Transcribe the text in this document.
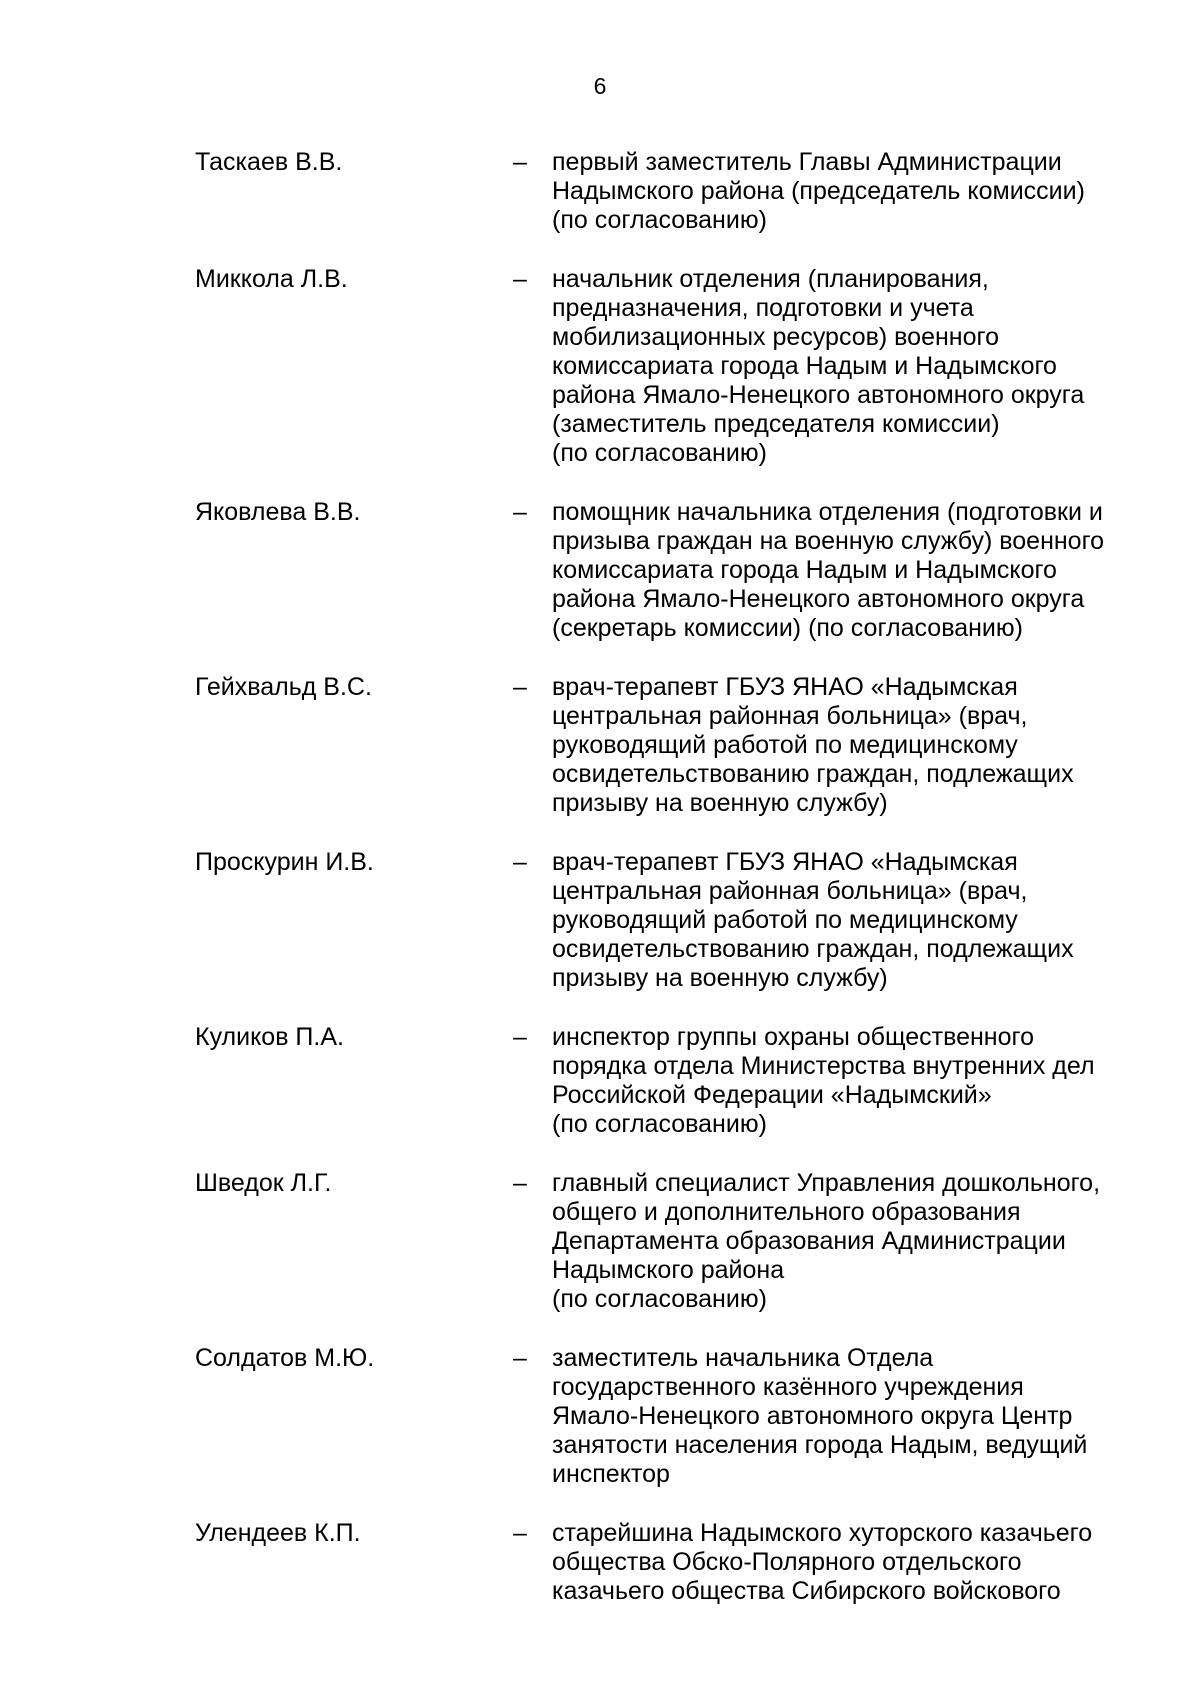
6
Таскаев В.В.	– первый заместитель Главы Администрации
Надымского района (председатель комиссии)
(по согласованию)
Миккола Л.В.	– начальник отделения (планирования,
предназначения, подготовки и учета
мобилизационных ресурсов) военного
комиссариата города Надым и Надымского
района Ямало-Ненецкого автономного округа
(заместитель председателя комиссии)
(по согласованию)
Яковлева В.В.	– помощник начальника отделения (подготовки и
призыва граждан на военную службу) военного
комиссариата города Надым и Надымского
района Ямало-Ненецкого автономного округа
(секретарь комиссии) (по согласованию)
Гейхвальд В.С.	– врач-терапевт ГБУЗ ЯНАО «Надымская
центральная районная больница» (врач,
руководящий работой по медицинскому
освидетельствованию граждан, подлежащих
призыву на военную службу)
Проскурин И.В.	– врач-терапевт ГБУЗ ЯНАО «Надымская
центральная районная больница» (врач,
руководящий работой по медицинскому
освидетельствованию граждан, подлежащих
призыву на военную службу)
Куликов П.А.	– инспектор группы охраны общественного
порядка отдела Министерства внутренних дел
Российской Федерации «Надымский»
(по согласованию)
Шведок Л.Г.	– главный специалист Управления дошкольного,
общего и дополнительного образования
Департамента образования Администрации
Надымского района
(по согласованию)
Солдатов М.Ю.	– заместитель начальника Отдела
государственного казённого учреждения
Ямало-Ненецкого автономного округа Центр
занятости населения города Надым, ведущий
инспектор
Улендеев К.П.	– старейшина Надымского хуторского казачьего
общества Обско-Полярного отдельского
казачьего общества Сибирского войскового
